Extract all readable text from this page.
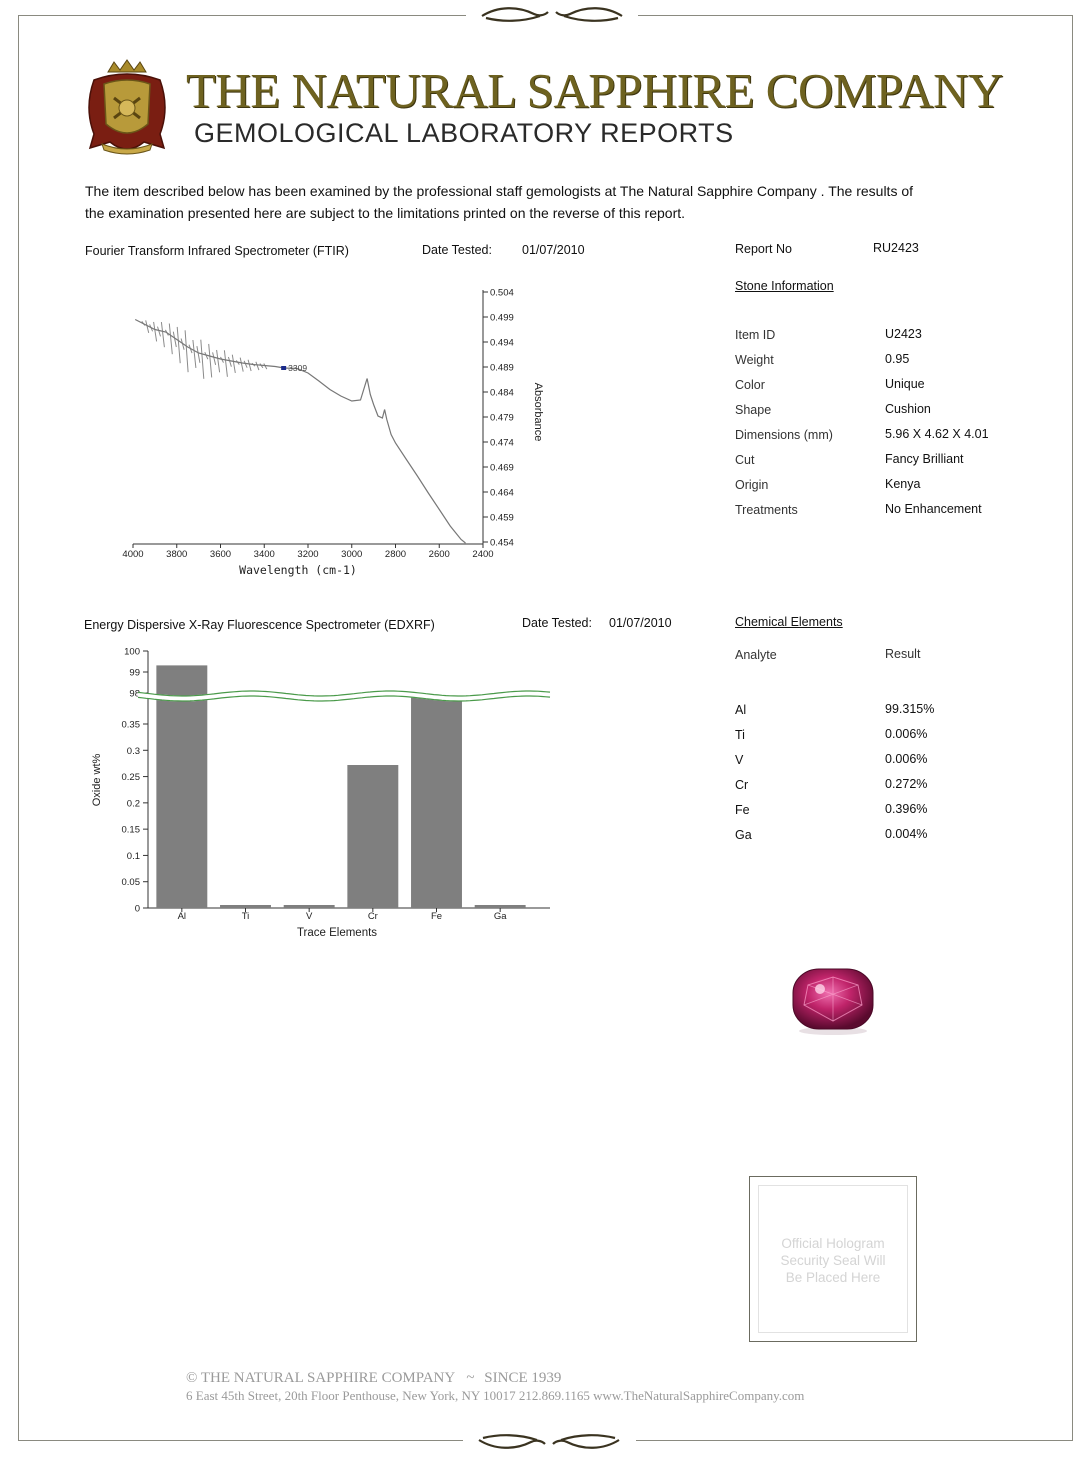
THE NATURAL SAPPHIRE COMPANY
GEMOLOGICAL LABORATORY REPORTS
The item described below has been examined by the professional staff gemologists at The Natural Sapphire Company . The results of the examination presented here are subject to the limitations printed on the reverse of this report.
Fourier Transform Infrared Spectrometer (FTIR)	Date Tested: 01/07/2010	Report No	RU2423
Stone Information
Item ID	U2423
Weight	0.95
Color	Unique
Shape	Cushion
Dimensions (mm)	5.96 X 4.62 X 4.01
Cut	Fancy Brilliant
Origin	Kenya
Treatments	No Enhancement
0.504
0.499
0.494
0.489
0.484
0.479
0.474
0.469
0.464
0.459
0.454
4000 3800 3600 3400 3200 3000 2800 2600 2400
3309
Wavelength (cm-1)
Absorbance
Energy Dispersive X-Ray Fluorescence Spectrometer (EDXRF)	Date Tested: 01/07/2010	Chemical Elements
Analyte	Result
Al	99.315%
Ti	0.006%
V	0.006%
Cr	0.272%
Fe	0.396%
Ga	0.004%
0
0.05
0.1
0.15
0.2
0.25
0.3
0.35
98
99
100
Al	Ti	V	Cr	Fe	Ga
Trace Elements
Oxide wt%
Official Hologram
Security Seal Will
Be Placed Here
© THE NATURAL SAPPHIRE COMPANY ~ SINCE 1939
6 East 45th Street, 20th Floor Penthouse, New York, NY 10017 212.869.1165 www.TheNaturalSapphireCompany.com
